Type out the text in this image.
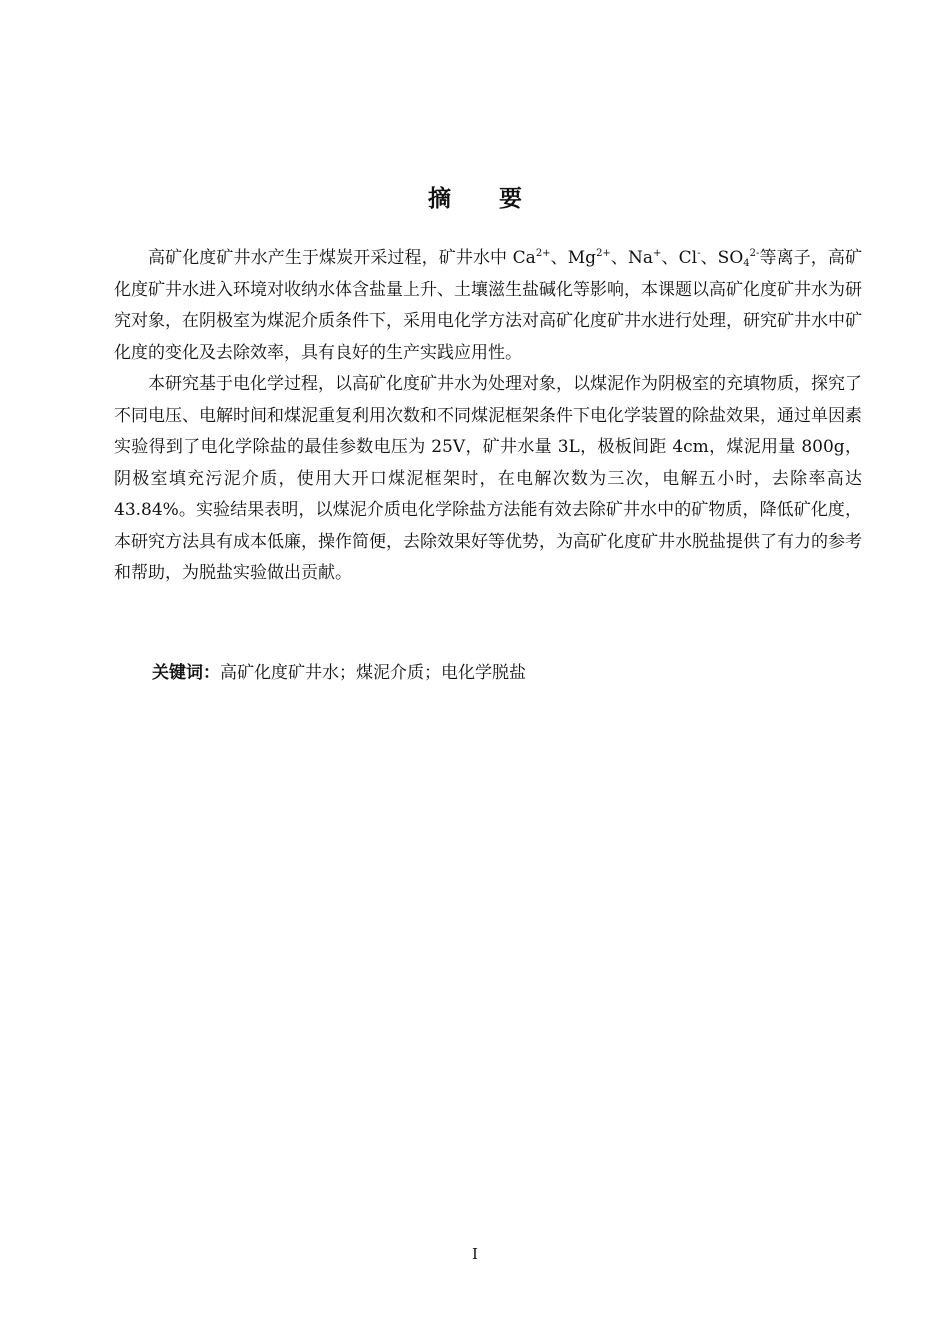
摘 要

高矿化度矿井水产生于煤炭开采过程，矿井水中 $Ca^{2+}$、$Mg^{2+}$、Na+、Cl-、$SO_4^{2-}$等离子，高矿化度矿井水进入环境对收纳水体含盐量上升、土壤滋生盐碱化等影响，本课题以高矿化度矿井水为研究对象，在阴极室为煤泥介质条件下，采用电化学方法对高矿化度矿井水进行处理，研究矿井水中矿化度的变化及去除效率，具有良好的生产实践应用性。

本研究基于电化学过程，以高矿化度矿井水为处理对象，以煤泥作为阴极室的充填物质，探究了不同电压、电解时间和煤泥重复利用次数和不同煤泥框架条件下电化学装置的除盐效果，通过单因素实验得到了电化学除盐的最佳参数电压为 25V，矿井水量 3L，极板间距 4cm，煤泥用量 800g，阴极室填充污泥介质，使用大开口煤泥框架时，在电解次数为三次，电解五小时，去除率高达 43.84%。实验结果表明，以煤泥介质电化学除盐方法能有效去除矿井水中的矿物质，降低矿化度，本研究方法具有成本低廉，操作简便，去除效果好等优势，为高矿化度矿井水脱盐提供了有力的参考和帮助，为脱盐实验做出贡献。

关键词：高矿化度矿井水；煤泥介质；电化学脱盐
I
